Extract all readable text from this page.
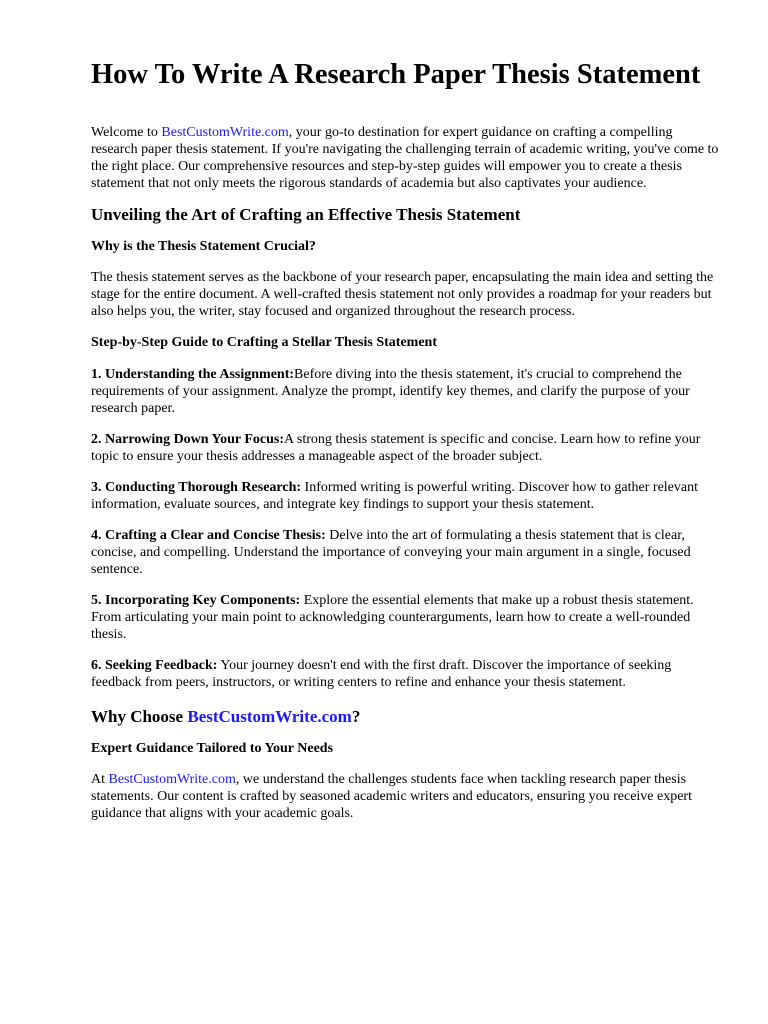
How To Write A Research Paper Thesis Statement

Welcome to BestCustomWrite.com, your go-to destination for expert guidance on crafting a compelling research paper thesis statement. If you're navigating the challenging terrain of academic writing, you've come to the right place. Our comprehensive resources and step-by-step guides will empower you to create a thesis statement that not only meets the rigorous standards of academia but also captivates your audience.

Unveiling the Art of Crafting an Effective Thesis Statement
Why is the Thesis Statement Crucial?

The thesis statement serves as the backbone of your research paper, encapsulating the main idea and setting the stage for the entire document. A well-crafted thesis statement not only provides a roadmap for your readers but also helps you, the writer, stay focused and organized throughout the research process.

Step-by-Step Guide to Crafting a Stellar Thesis Statement

1. Understanding the Assignment:Before diving into the thesis statement, it's crucial to comprehend the requirements of your assignment. Analyze the prompt, identify key themes, and clarify the purpose of your research paper.

2. Narrowing Down Your Focus:A strong thesis statement is specific and concise. Learn how to refine your topic to ensure your thesis addresses a manageable aspect of the broader subject.

3. Conducting Thorough Research: Informed writing is powerful writing. Discover how to gather relevant information, evaluate sources, and integrate key findings to support your thesis statement.

4. Crafting a Clear and Concise Thesis: Delve into the art of formulating a thesis statement that is clear, concise, and compelling. Understand the importance of conveying your main argument in a single, focused sentence.

5. Incorporating Key Components: Explore the essential elements that make up a robust thesis statement. From articulating your main point to acknowledging counterarguments, learn how to create a well-rounded thesis.

6. Seeking Feedback: Your journey doesn't end with the first draft. Discover the importance of seeking feedback from peers, instructors, or writing centers to refine and enhance your thesis statement.

Why Choose BestCustomWrite.com?
Expert Guidance Tailored to Your Needs

At BestCustomWrite.com, we understand the challenges students face when tackling research paper thesis statements. Our content is crafted by seasoned academic writers and educators, ensuring you receive expert guidance that aligns with your academic goals.
